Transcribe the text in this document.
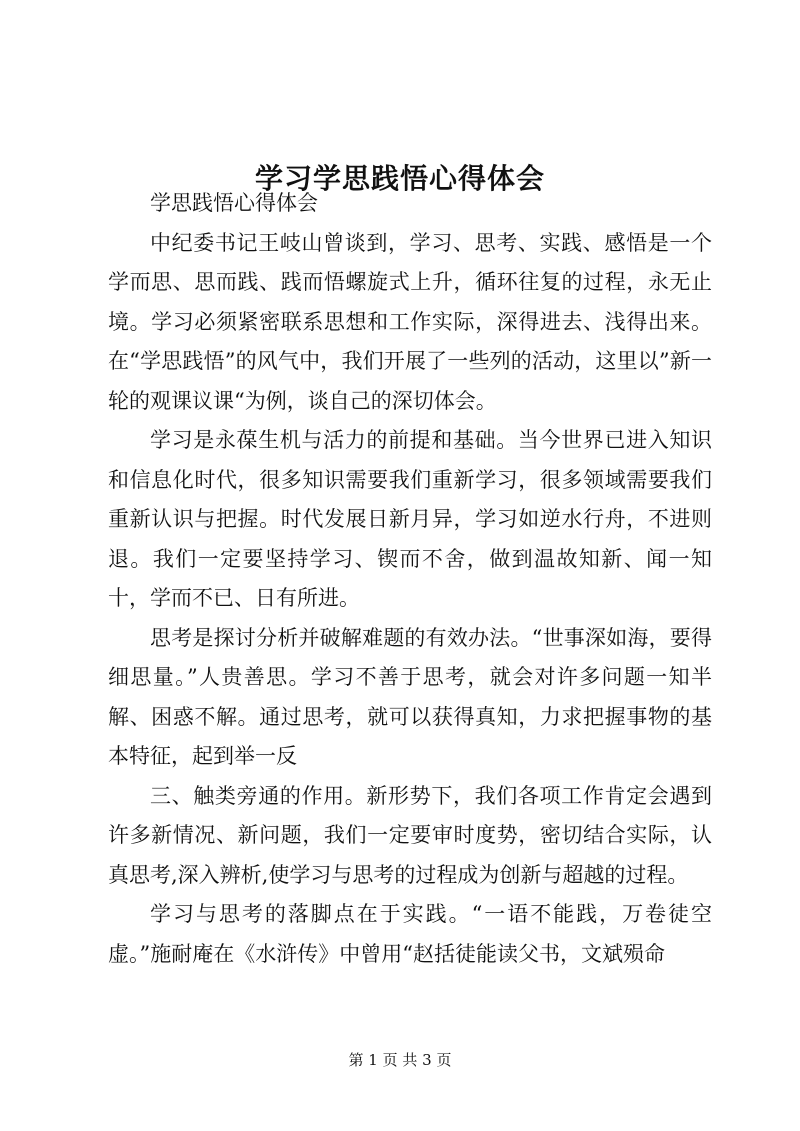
学习学思践悟心得体会

学思践悟心得体会

中纪委书记王岐山曾谈到，学习、思考、实践、感悟是一个学而思、思而践、践而悟螺旋式上升，循环往复的过程，永无止境。学习必须紧密联系思想和工作实际，深得进去、浅得出来。在“学思践悟”的风气中，我们开展了一些列的活动，这里以”新一轮的观课议课“为例，谈自己的深切体会。

学习是永葆生机与活力的前提和基础。当今世界已进入知识和信息化时代，很多知识需要我们重新学习，很多领域需要我们重新认识与把握。时代发展日新月异，学习如逆水行舟，不进则退。我们一定要坚持学习、锲而不舍，做到温故知新、闻一知十，学而不已、日有所进。

思考是探讨分析并破解难题的有效办法。“世事深如海，要得细思量。”人贵善思。学习不善于思考，就会对许多问题一知半解、困惑不解。通过思考，就可以获得真知，力求把握事物的基本特征，起到举一反

三、触类旁通的作用。新形势下，我们各项工作肯定会遇到许多新情况、新问题，我们一定要审时度势，密切结合实际，认真思考,深入辨析,使学习与思考的过程成为创新与超越的过程。

学习与思考的落脚点在于实践。“一语不能践，万卷徒空虚。”施耐庵在《水浒传》中曾用“赵括徒能读父书，文斌殒命

第 1 页 共 3 页
